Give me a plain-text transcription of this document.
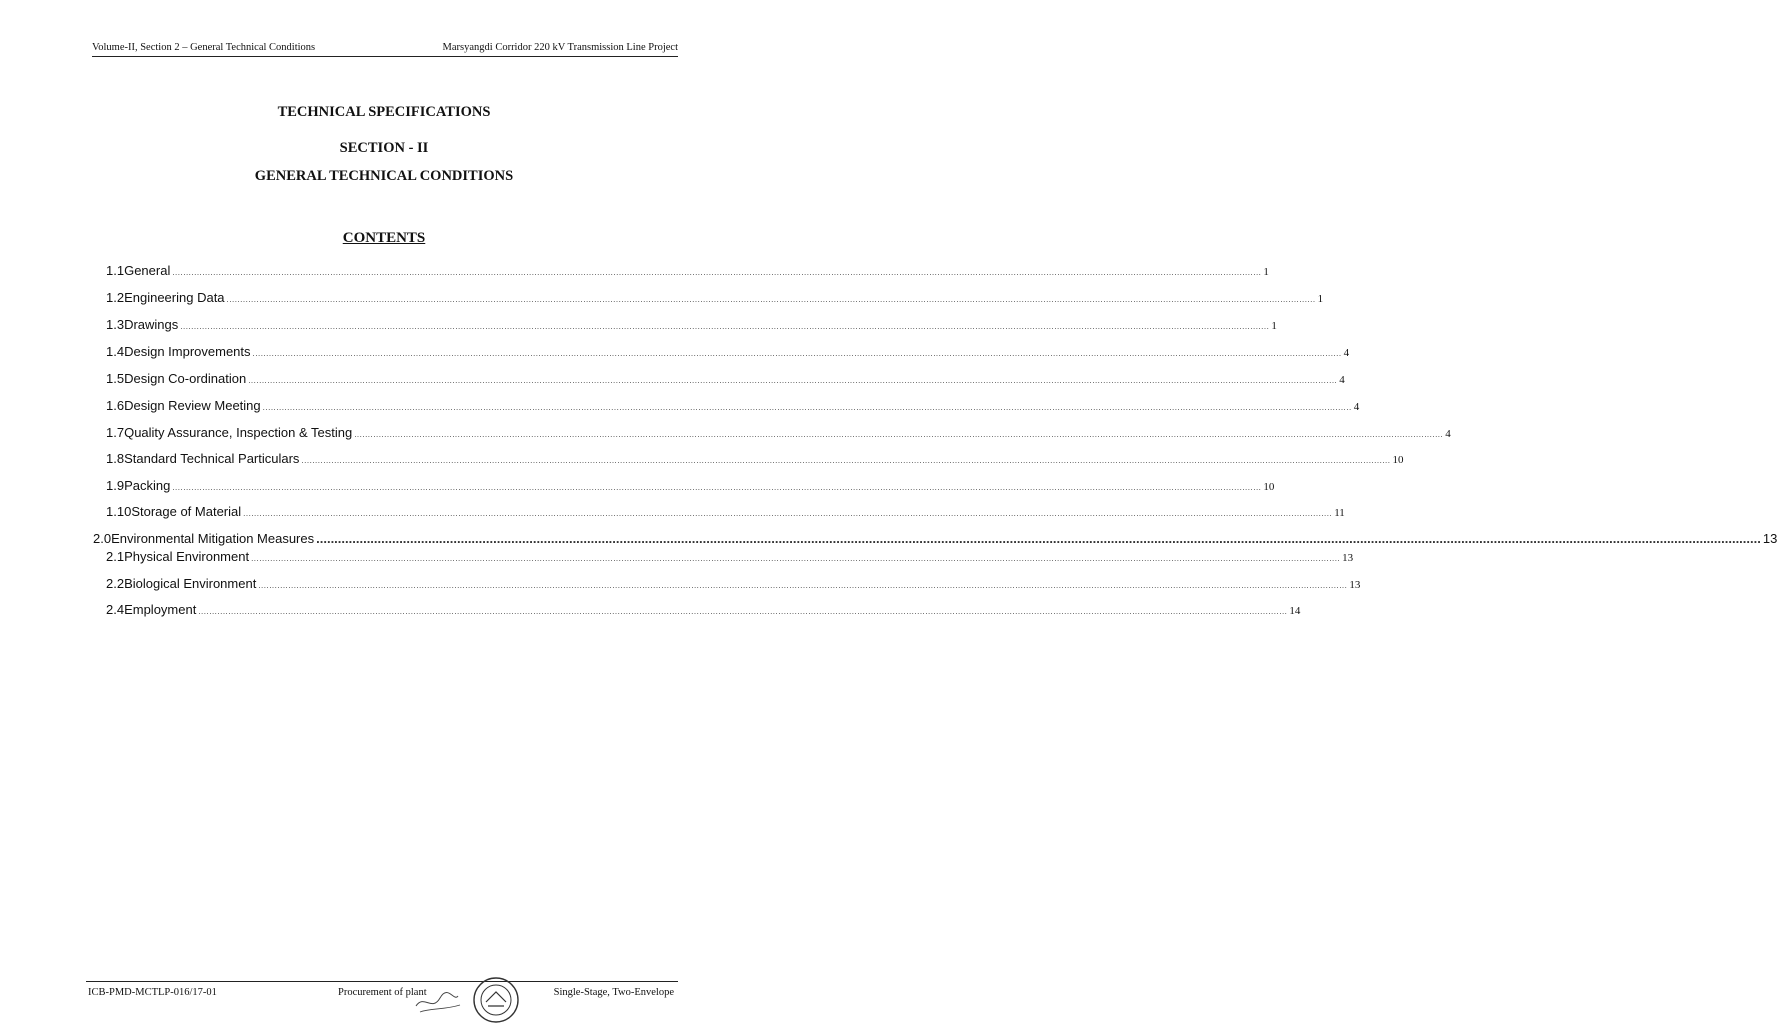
Volume-II, Section 2 – General Technical Conditions	Marsyangdi Corridor 220 kV Transmission Line Project
TECHNICAL SPECIFICATIONS
SECTION - II
GENERAL TECHNICAL CONDITIONS
CONTENTS
1.1 General ................................................................................................................................................................................................................................................................................................................................................................................................................ 1
1.2 Engineering Data ................................................................................................................................................................................................................................................................................................................................................................................................................ 1
1.3 Drawings ................................................................................................................................................................................................................................................................................................................................................................................................................ 1
1.4 Design Improvements ................................................................................................................................................................................................................................................................................................................................................................................................................ 4
1.5 Design Co-ordination ................................................................................................................................................................................................................................................................................................................................................................................................................ 4
1.6 Design Review Meeting ................................................................................................................................................................................................................................................................................................................................................................................................................ 4
1.7 Quality Assurance, Inspection & Testing ................................................................................................................................................................................................................................................................................................................................................................................................................ 4
1.8 Standard Technical Particulars ................................................................................................................................................................................................................................................................................................................................................................................................................ 10
1.9 Packing ................................................................................................................................................................................................................................................................................................................................................................................................................ 10
1.10 Storage of Material ................................................................................................................................................................................................................................................................................................................................................................................................................ 11
2.0 Environmental Mitigation Measures ................................................................................................................................................................................................................................................................................................................................................................................................................ 13
2.1 Physical Environment ................................................................................................................................................................................................................................................................................................................................................................................................................ 13
2.2 Biological Environment ................................................................................................................................................................................................................................................................................................................................................................................................................ 13
2.4 Employment ................................................................................................................................................................................................................................................................................................................................................................................................................ 14
ICB-PMD-MCTLP-016/17-01	Procurement of plant	Single-Stage, Two-Envelope
